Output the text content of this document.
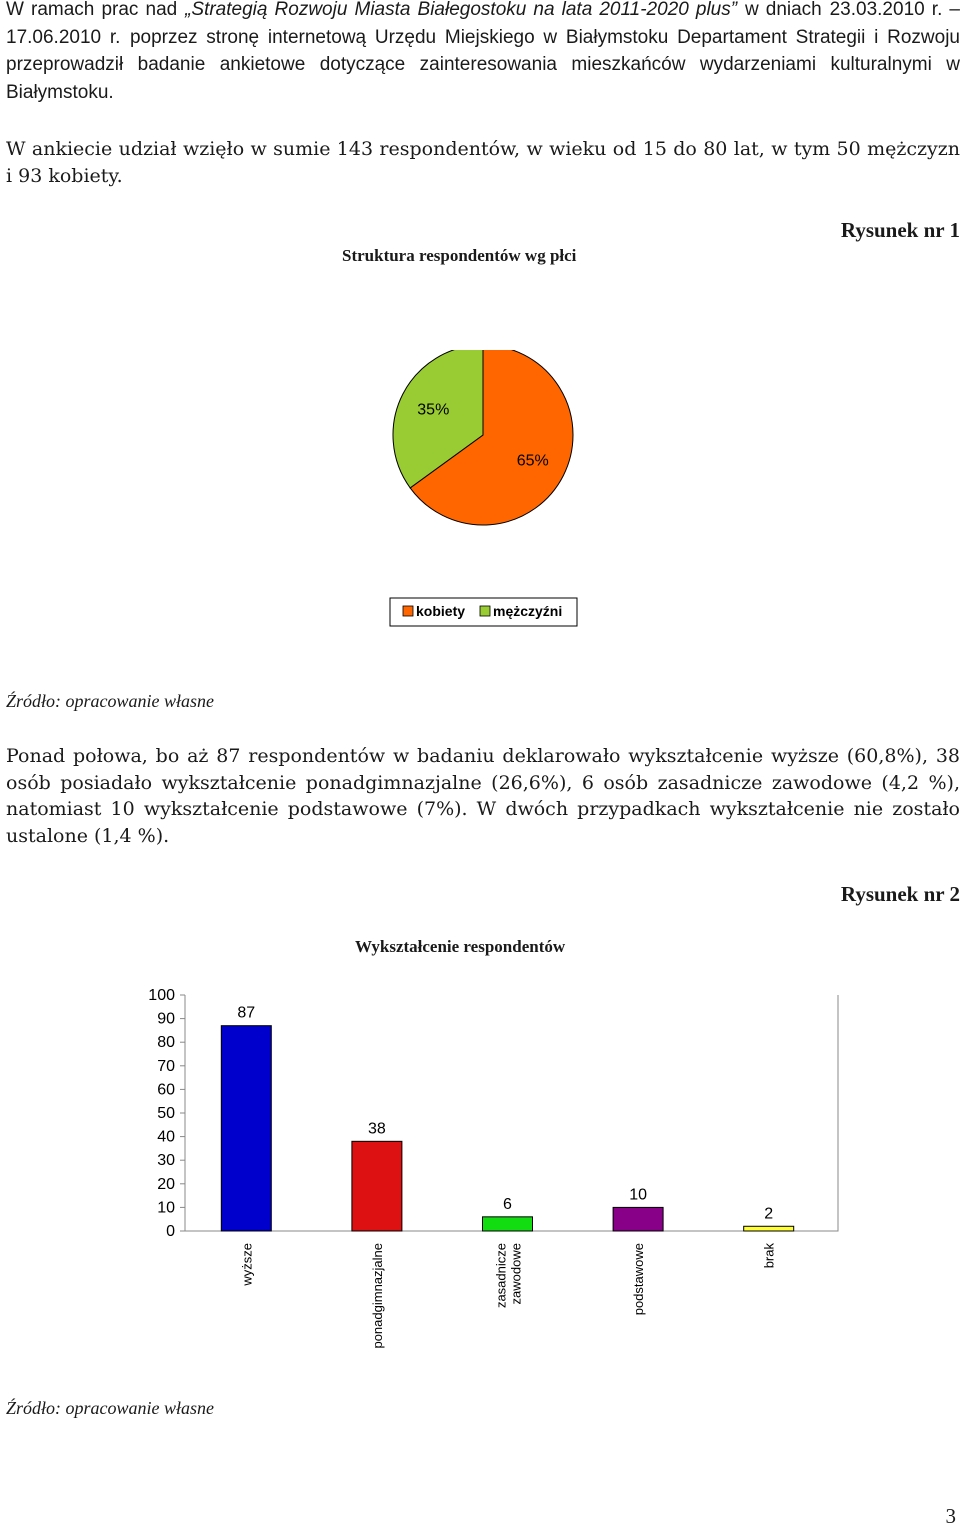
W ramach prac nad „Strategią Rozwoju Miasta Białegostoku na lata 2011-2020 plus” w dniach 23.03.2010 r. – 17.06.2010 r. poprzez stronę internetową Urzędu Miejskiego w Białymstoku Departament Strategii i Rozwoju przeprowadził badanie ankietowe dotyczące zainteresowania mieszkańców wydarzeniami kulturalnymi w Białymstoku.

W ankiecie udział wzięło w sumie 143 respondentów, w wieku od 15 do 80 lat, w tym 50 mężczyzn i 93 kobiety.

Rysunek nr 1
Struktura respondentów wg płci
65%
35%
kobiety mężczyźni
Źródło: opracowanie własne

Ponad połowa, bo aż 87 respondentów w badaniu deklarowało wykształcenie wyższe (60,8%), 38 osób posiadało wykształcenie ponadgimnazjalne (26,6%), 6 osób zasadnicze zawodowe (4,2 %), natomiast 10 wykształcenie podstawowe (7%). W dwóch przypadkach wykształcenie nie zostało ustalone (1,4 %).

Rysunek nr 2
Wykształcenie respondentów
0
10
20
30
40
50
60
70
80
90
100
87
wyższe
38
ponadgimnazjalne
6
zasadniczezawodowe
10
podstawowe
2
brak
Źródło: opracowanie własne
3
